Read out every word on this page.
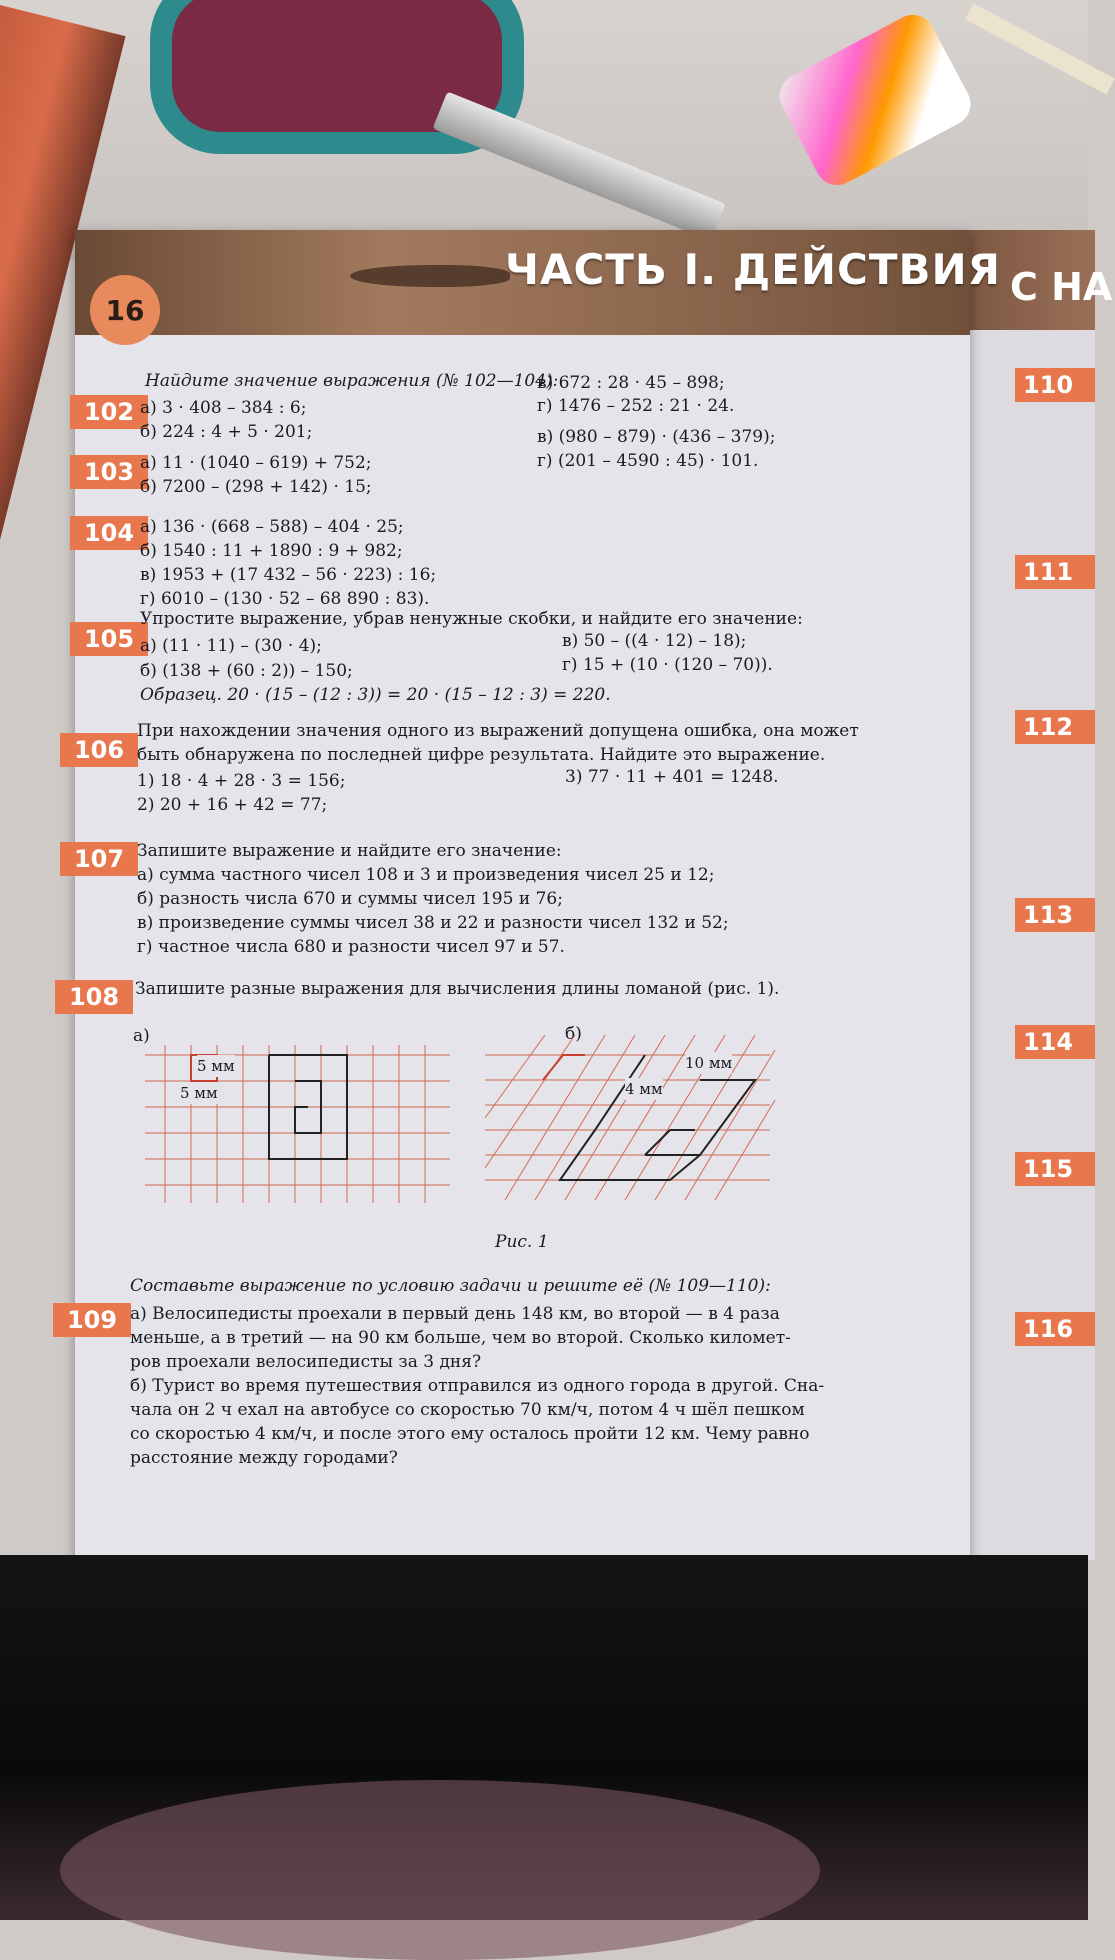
С НА
110
111
112
113
114
115
116
16
ЧАСТЬ I. ДЕЙСТВИЯ
102
Найдите значение выражения (№ 102—104):
а) 3 · 408 – 384 : 6;
б) 224 : 4 + 5 · 201;
в) 672 : 28 · 45 – 898;
г) 1476 – 252 : 21 · 24.
103 а) 11 · (1040 – 619) + 752;
б) 7200 – (298 + 142) · 15;
в) (980 – 879) · (436 – 379);
г) (201 – 4590 : 45) · 101.
104 а) 136 · (668 – 588) – 404 · 25;
б) 1540 : 11 + 1890 : 9 + 982;
в) 1953 + (17 432 – 56 · 223) : 16;
г) 6010 – (130 · 52 – 68 890 : 83).
105
Упростите выражение, убрав ненужные скобки, и найдите его значение:
а) (11 · 11) – (30 · 4);
б) (138 + (60 : 2)) – 150;
в) 50 – ((4 · 12) – 18);
г) 15 + (10 · (120 – 70)).
Образец. 20 · (15 – (12 : 3)) = 20 · (15 – 12 : 3) = 220.
106
При нахождении значения одного из выражений допущена ошибка, она может
быть обнаружена по последней цифре результата. Найдите это выражение.
1) 18 · 4 + 28 · 3 = 156;
2) 20 + 16 + 42 = 77;
3) 77 · 11 + 401 = 1248.
107 Запишите выражение и найдите его значение:
а) сумма частного чисел 108 и 3 и произведения чисел 25 и 12;
б) разность числа 670 и суммы чисел 195 и 76;
в) произведение суммы чисел 38 и 22 и разности чисел 132 и 52;
г) частное числа 680 и разности чисел 97 и 57.
108 Запишите разные выражения для вычисления длины ломаной (рис. 1).
а)
5 мм
5 мм
б)
10 мм
4 мм
Рис. 1
109
Составьте выражение по условию задачи и решите её (№ 109—110):
а) Велосипедисты проехали в первый день 148 км, во второй — в 4 раза
меньше, а в третий — на 90 км больше, чем во второй. Сколько километ-
ров проехали велосипедисты за 3 дня?
б) Турист во время путешествия отправился из одного города в другой. Сна-
чала он 2 ч ехал на автобусе со скоростью 70 км/ч, потом 4 ч шёл пешком
со скоростью 4 км/ч, и после этого ему осталось пройти 12 км. Чему равно
расстояние между городами?
